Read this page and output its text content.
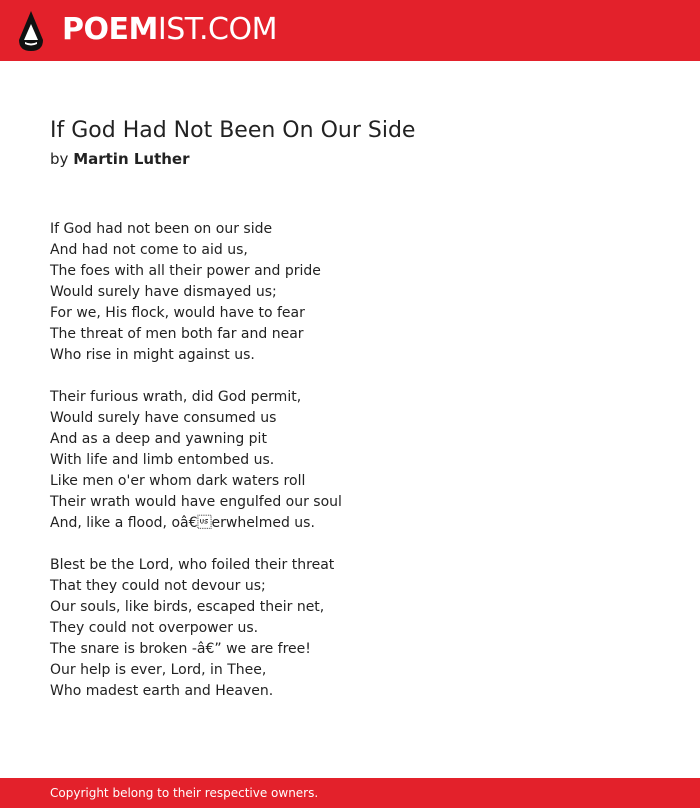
POEMIST.COM
If God Had Not Been On Our Side
by Martin Luther
If God had not been on our side
And had not come to aid us,
The foes with all their power and pride
Would surely have dismayed us;
For we, His flock, would have to fear
The threat of men both far and near
Who rise in might against us.
Their furious wrath, did God permit,
Would surely have consumed us
And as a deep and yawning pit
With life and limb entombed us.
Like men o'er whom dark waters roll
Their wrath would have engulfed our soul
And, like a flood, oâ€erwhelmed us.
Blest be the Lord, who foiled their threat
That they could not devour us;
Our souls, like birds, escaped their net,
They could not overpower us.
The snare is broken -â€” we are free!
Our help is ever, Lord, in Thee,
Who madest earth and Heaven.
Copyright belong to their respective owners.
